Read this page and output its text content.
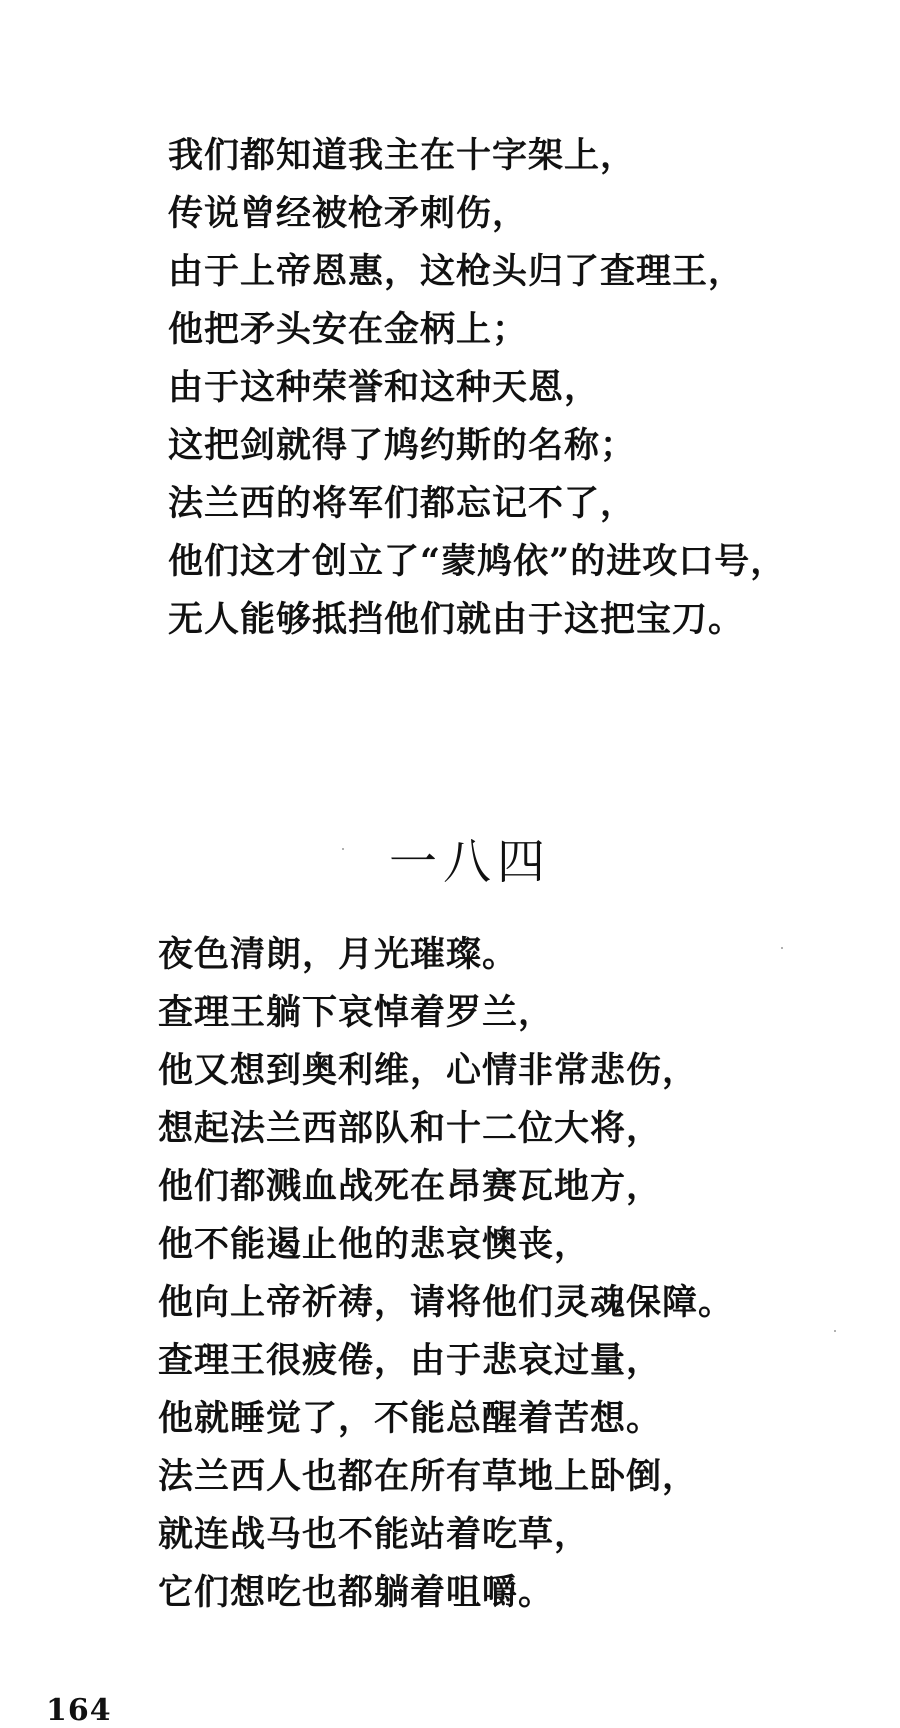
我们都知道我主在十字架上，
传说曾经被枪矛刺伤，
由于上帝恩惠，这枪头归了查理王，
他把矛头安在金柄上；
由于这种荣誉和这种天恩，
这把剑就得了鸠约斯的名称；
法兰西的将军们都忘记不了，
他们这才创立了“蒙鸠依”的进攻口号，
无人能够抵挡他们就由于这把宝刀。
一八四
夜色清朗，月光璀璨。
查理王躺下哀悼着罗兰，
他又想到奥利维，心情非常悲伤，
想起法兰西部队和十二位大将，
他们都溅血战死在昂赛瓦地方，
他不能遏止他的悲哀懊丧，
他向上帝祈祷，请将他们灵魂保障。
查理王很疲倦，由于悲哀过量，
他就睡觉了，不能总醒着苦想。
法兰西人也都在所有草地上卧倒，
就连战马也不能站着吃草，
它们想吃也都躺着咀嚼。
164
